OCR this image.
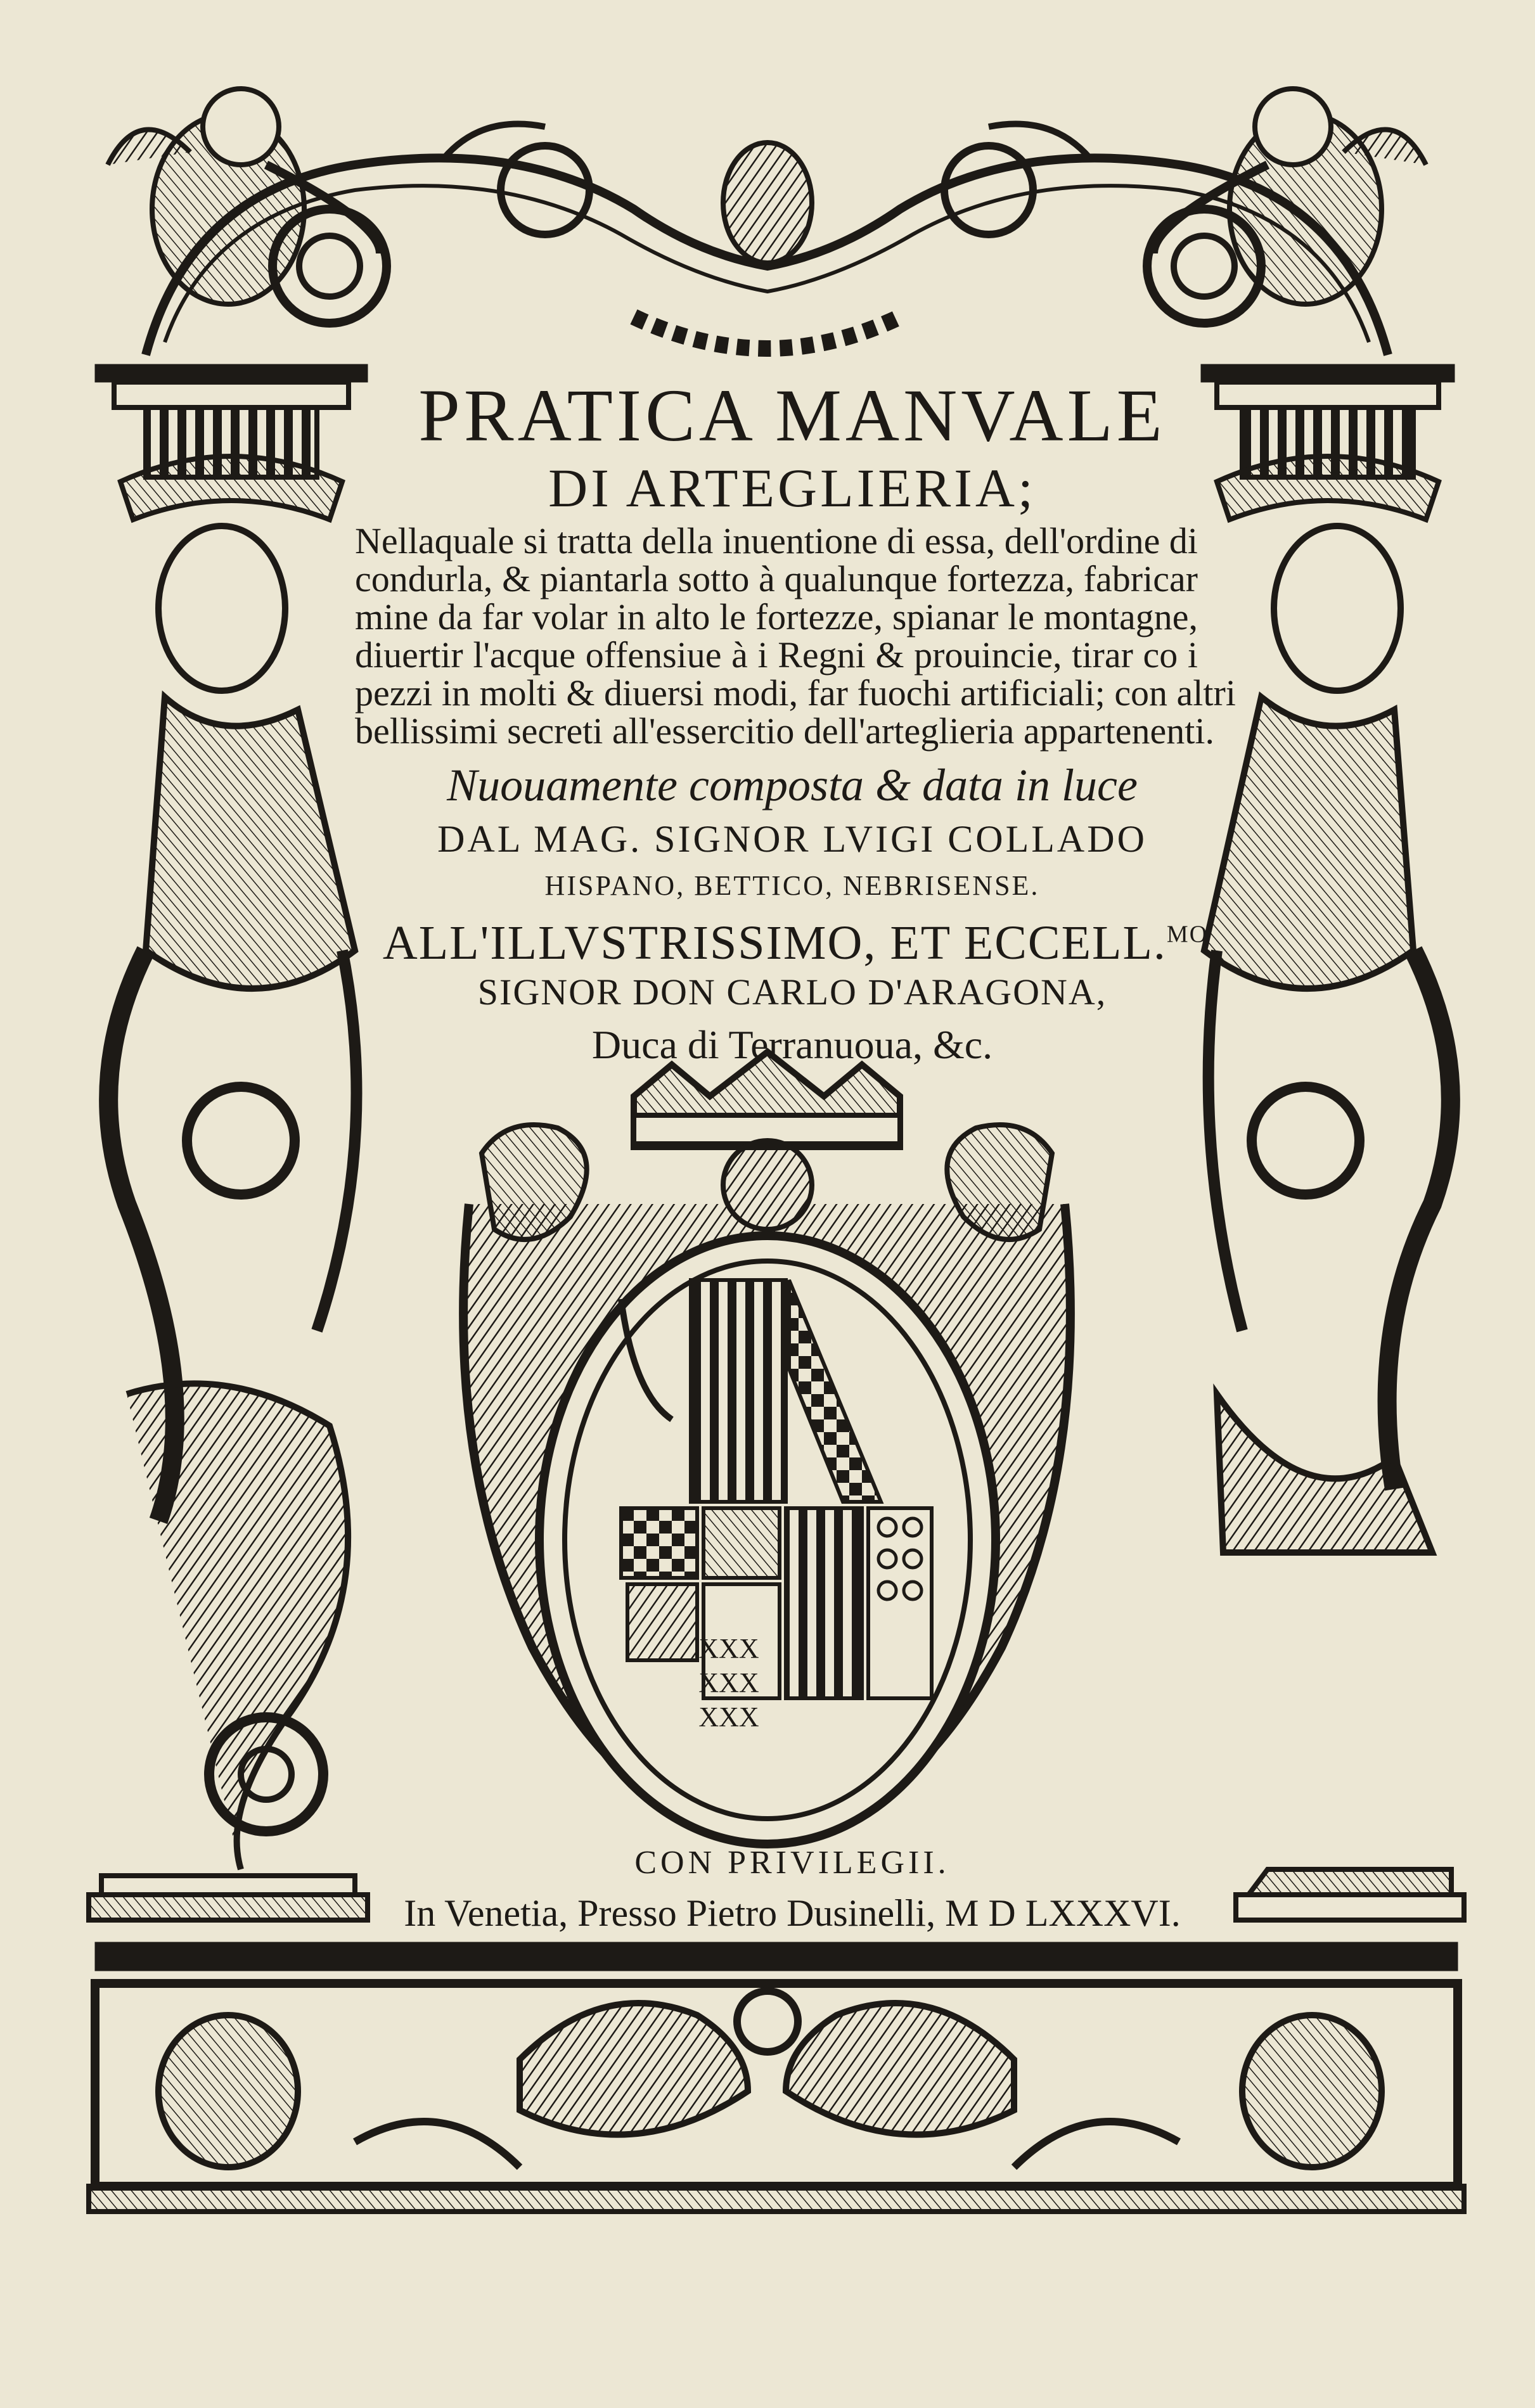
PRATICA MANVALE
DI ARTEGLIERIA;
Nellaquale si tratta della inuentione di essa, dell'ordine di
condurla, & piantarla sotto à qualunque fortezza, fabricar
mine da far volar in alto le fortezze, spianar le montagne,
diuertir l'acque offensiue à i Regni & prouincie, tirar co i
pezzi in molti & diuersi modi, far fuochi artificiali; con altri
bellissimi secreti all'essercitio dell'arteglieria appartenenti.
Nuouamente composta & data in luce
DAL MAG. SIGNOR LVIGI COLLADO
HISPANO, BETTICO, NEBRISENSE.
ALL'ILLVSTRISSIMO, ET ECCELL.$^{MO}$
SIGNOR DON CARLO D'ARAGONA,
Duca di Terranuoua, &c.
XXX
XXX
XXX
CON PRIVILEGII.
In Venetia, Presso Pietro Dusinelli, M D LXXXVI.
